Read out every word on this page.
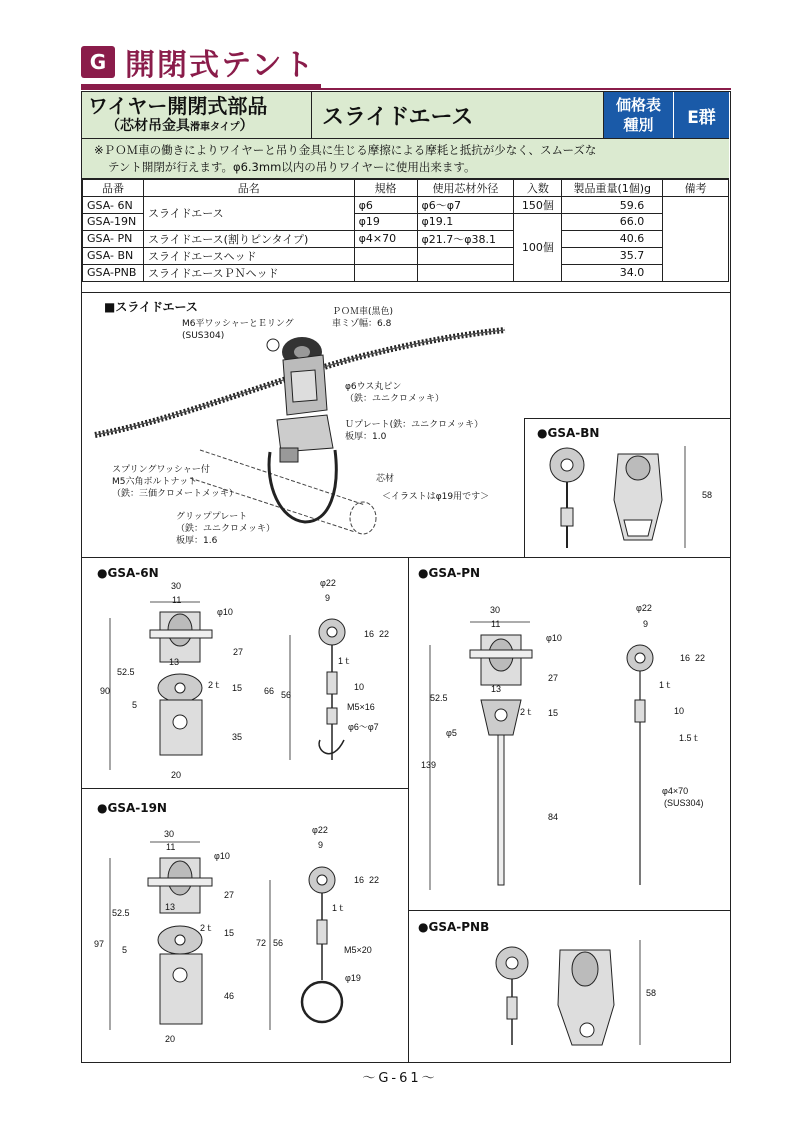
G 開閉式テント
ワイヤー開閉式部品
（芯材吊金具滑車タイプ）	スライドエース	価格表
種別	E群
※ＰＯＭ車の働きによりワイヤーと吊り金具に生じる摩擦による摩耗と抵抗が少なく、スムーズな
テント開閉が行えます。φ6.3mm以内の吊りワイヤーに使用出来ます。
品番	品名	規格	使用芯材外径	入数	製品重量(1個)g	備考
GSA- 6N	スライドエース	φ6	φ6～φ7	150個	59.6	
GSA-19N		φ19	φ19.1	100個	66.0	
GSA- PN	スライドエース(割りピンタイプ)	φ4×70	φ21.7～φ38.1		40.6	
GSA- BN	スライドエースヘッド				35.7	
GSA-PNB	スライドエースＰＮヘッド				34.0	
■スライドエース
M6平ワッシャーとＥリング
(SUS304)
ＰＯＭ車(黒色)
車ミゾ幅：6.8
φ6ウス丸ピン
（鉄：ユニクロメッキ）
Ｕプレート(鉄：ユニクロメッキ）
板厚：1.0
スプリングワッシャー付
M5六角ボルトナット
（鉄：三価クロメートメッキ）
芯材
＜イラストはφ19用です＞
グリッププレート
（鉄：ユニクロメッキ）
板厚：1.6
●GSA-BN
58
●GSA-6N
30
11
φ10
13
52.5
27
90
2ｔ 15
5
35
20
φ22
9
16 22
1ｔ
66 56
10
M5×16
φ6～φ7
●GSA-PN
30
11
φ10
13
52.5
27
2ｔ 15
φ5
139
84
φ22
9
16 22
1ｔ
10
1.5ｔ
φ4×70
(SUS304)
●GSA-19N
30
11
φ10
13
52.5
27
97
2ｔ 15
5
46
20
φ22
9
16 22
1ｔ
72 56
M5×20
φ19
●GSA-PNB
58
～G-61～
